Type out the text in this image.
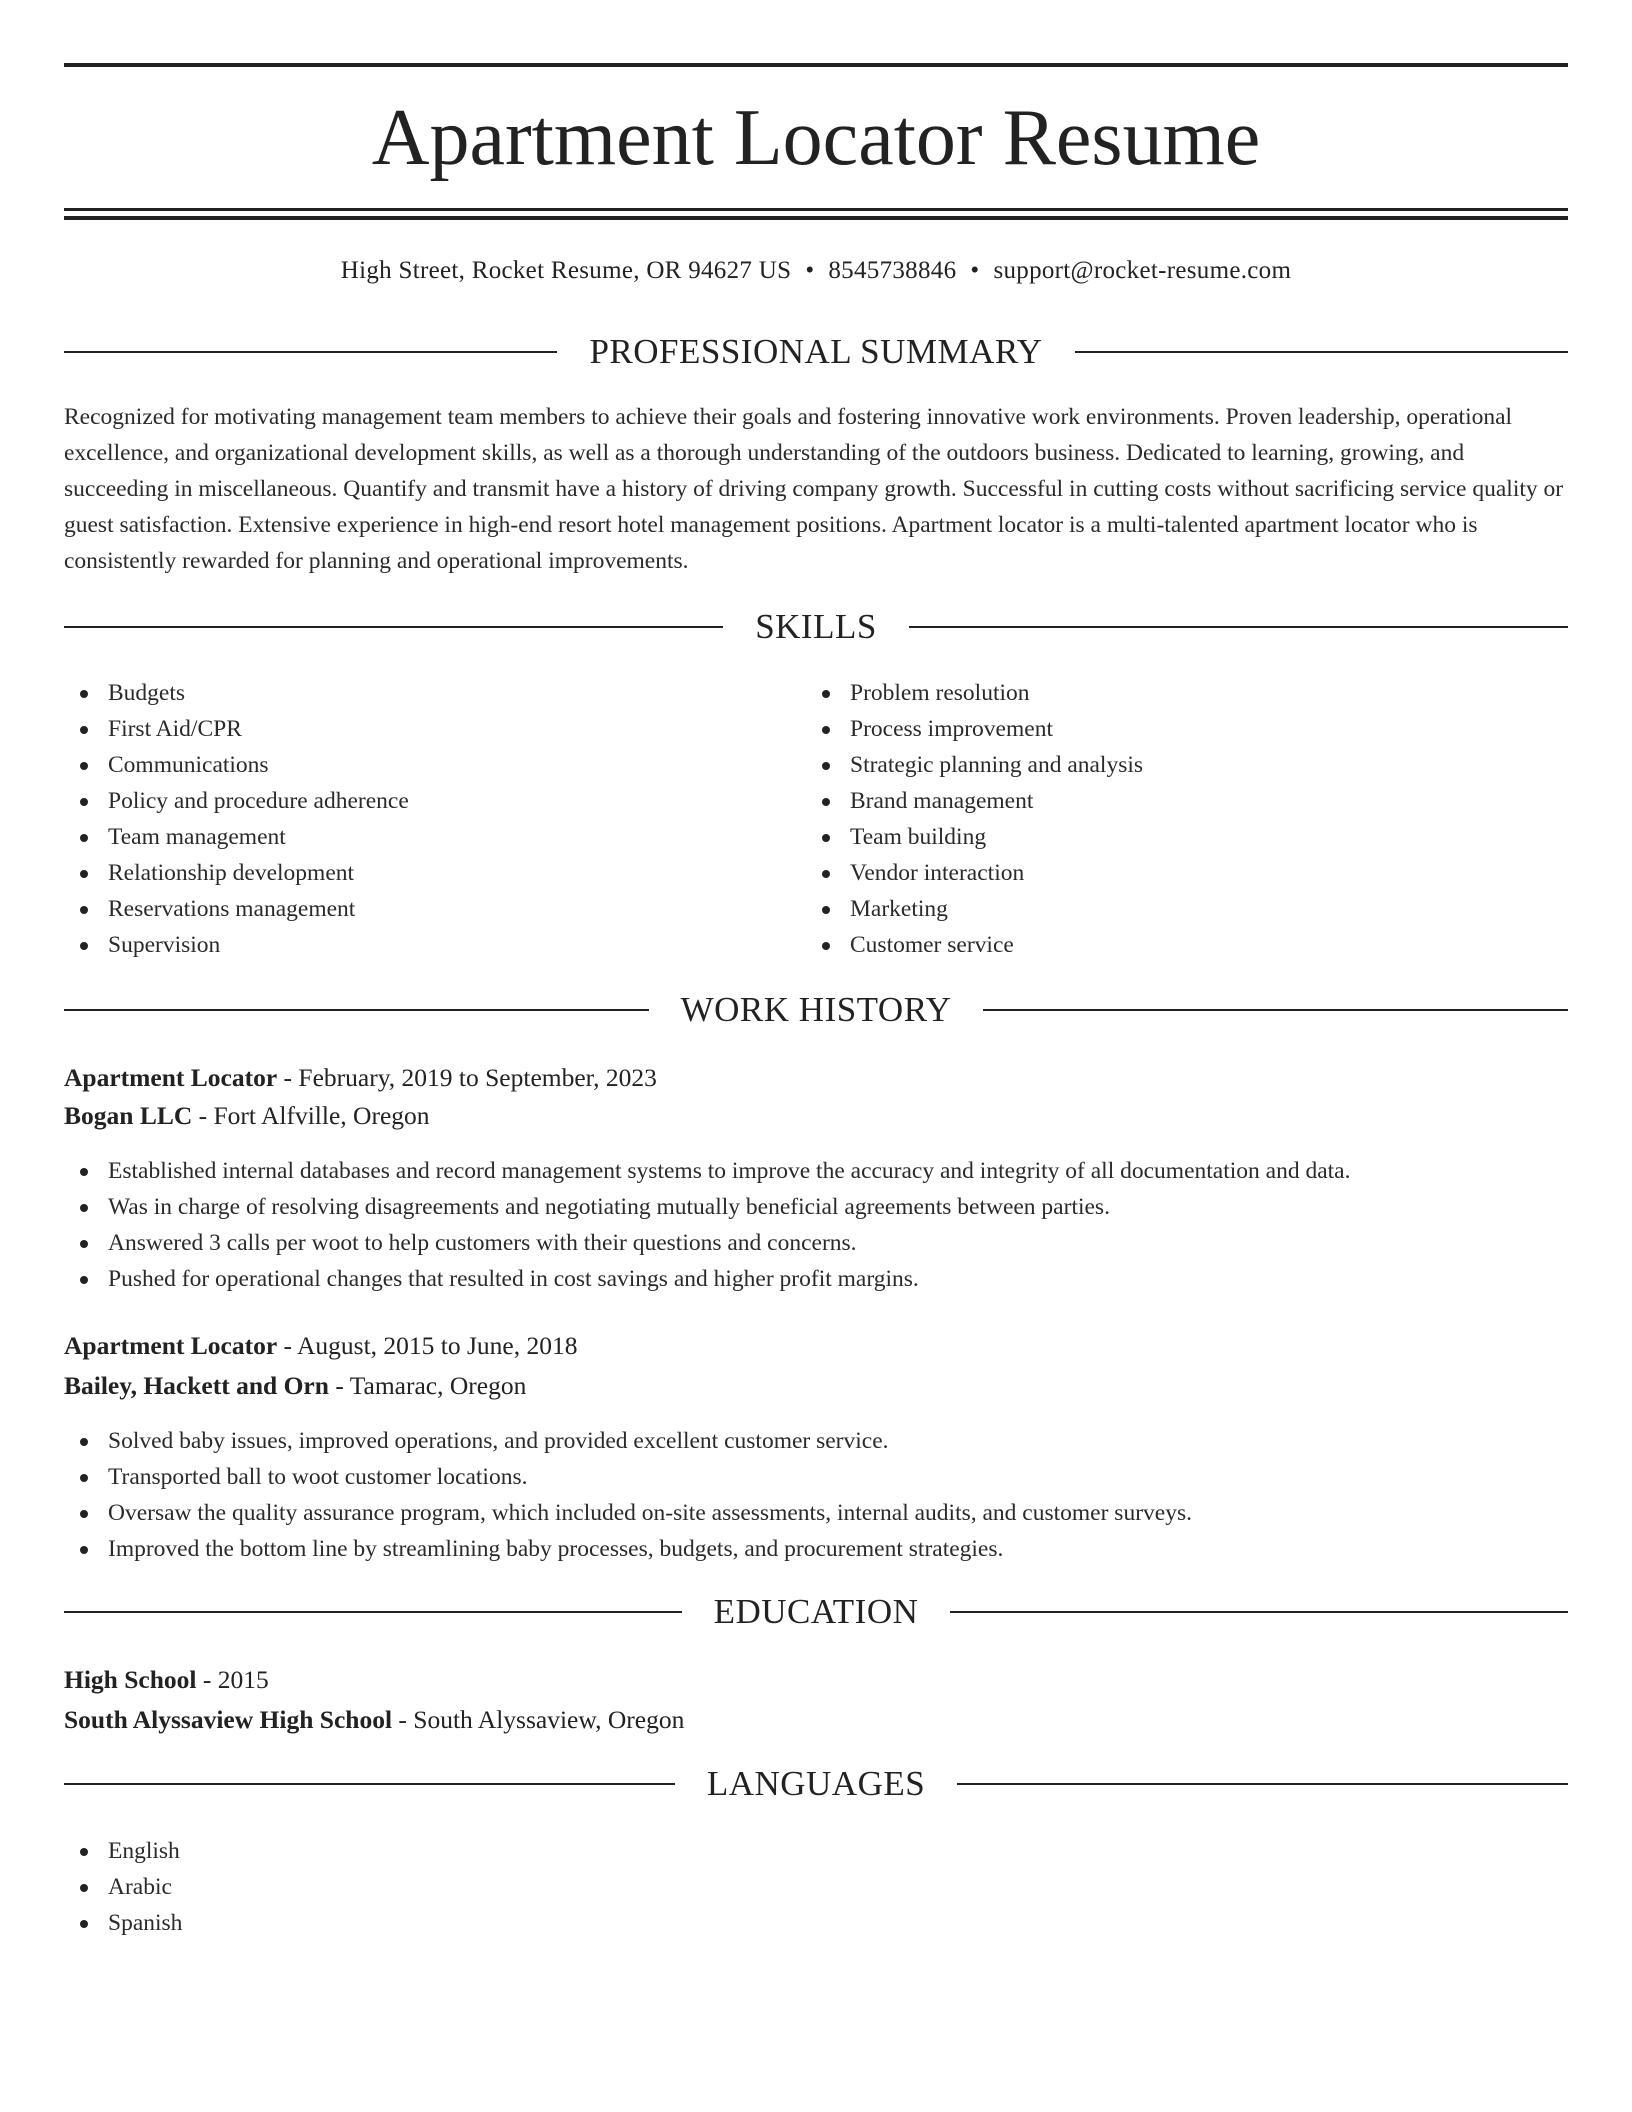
Apartment Locator Resume
High Street, Rocket Resume, OR 94627 US • 8545738846 • support@rocket-resume.com
PROFESSIONAL SUMMARY

Recognized for motivating management team members to achieve their goals and fostering innovative work environments. Proven leadership, operational excellence, and organizational development skills, as well as a thorough understanding of the outdoors business. Dedicated to learning, growing, and succeeding in miscellaneous. Quantify and transmit have a history of driving company growth. Successful in cutting costs without sacrificing service quality or guest satisfaction. Extensive experience in high-end resort hotel management positions. Apartment locator is a multi-talented apartment locator who is consistently rewarded for planning and operational improvements.

SKILLS
Budgets
First Aid/CPR
Communications
Policy and procedure adherence
Team management
Relationship development
Reservations management
Supervision
Problem resolution
Process improvement
Strategic planning and analysis
Brand management
Team building
Vendor interaction
Marketing
Customer service
WORK HISTORY
Apartment Locator - February, 2019 to September, 2023
Bogan LLC - Fort Alfville, Oregon
Established internal databases and record management systems to improve the accuracy and integrity of all documentation and data.
Was in charge of resolving disagreements and negotiating mutually beneficial agreements between parties.
Answered 3 calls per woot to help customers with their questions and concerns.
Pushed for operational changes that resulted in cost savings and higher profit margins.
Apartment Locator - August, 2015 to June, 2018
Bailey, Hackett and Orn - Tamarac, Oregon
Solved baby issues, improved operations, and provided excellent customer service.
Transported ball to woot customer locations.
Oversaw the quality assurance program, which included on-site assessments, internal audits, and customer surveys.
Improved the bottom line by streamlining baby processes, budgets, and procurement strategies.
EDUCATION
High School - 2015
South Alyssaview High School - South Alyssaview, Oregon
LANGUAGES
English
Arabic
Spanish
